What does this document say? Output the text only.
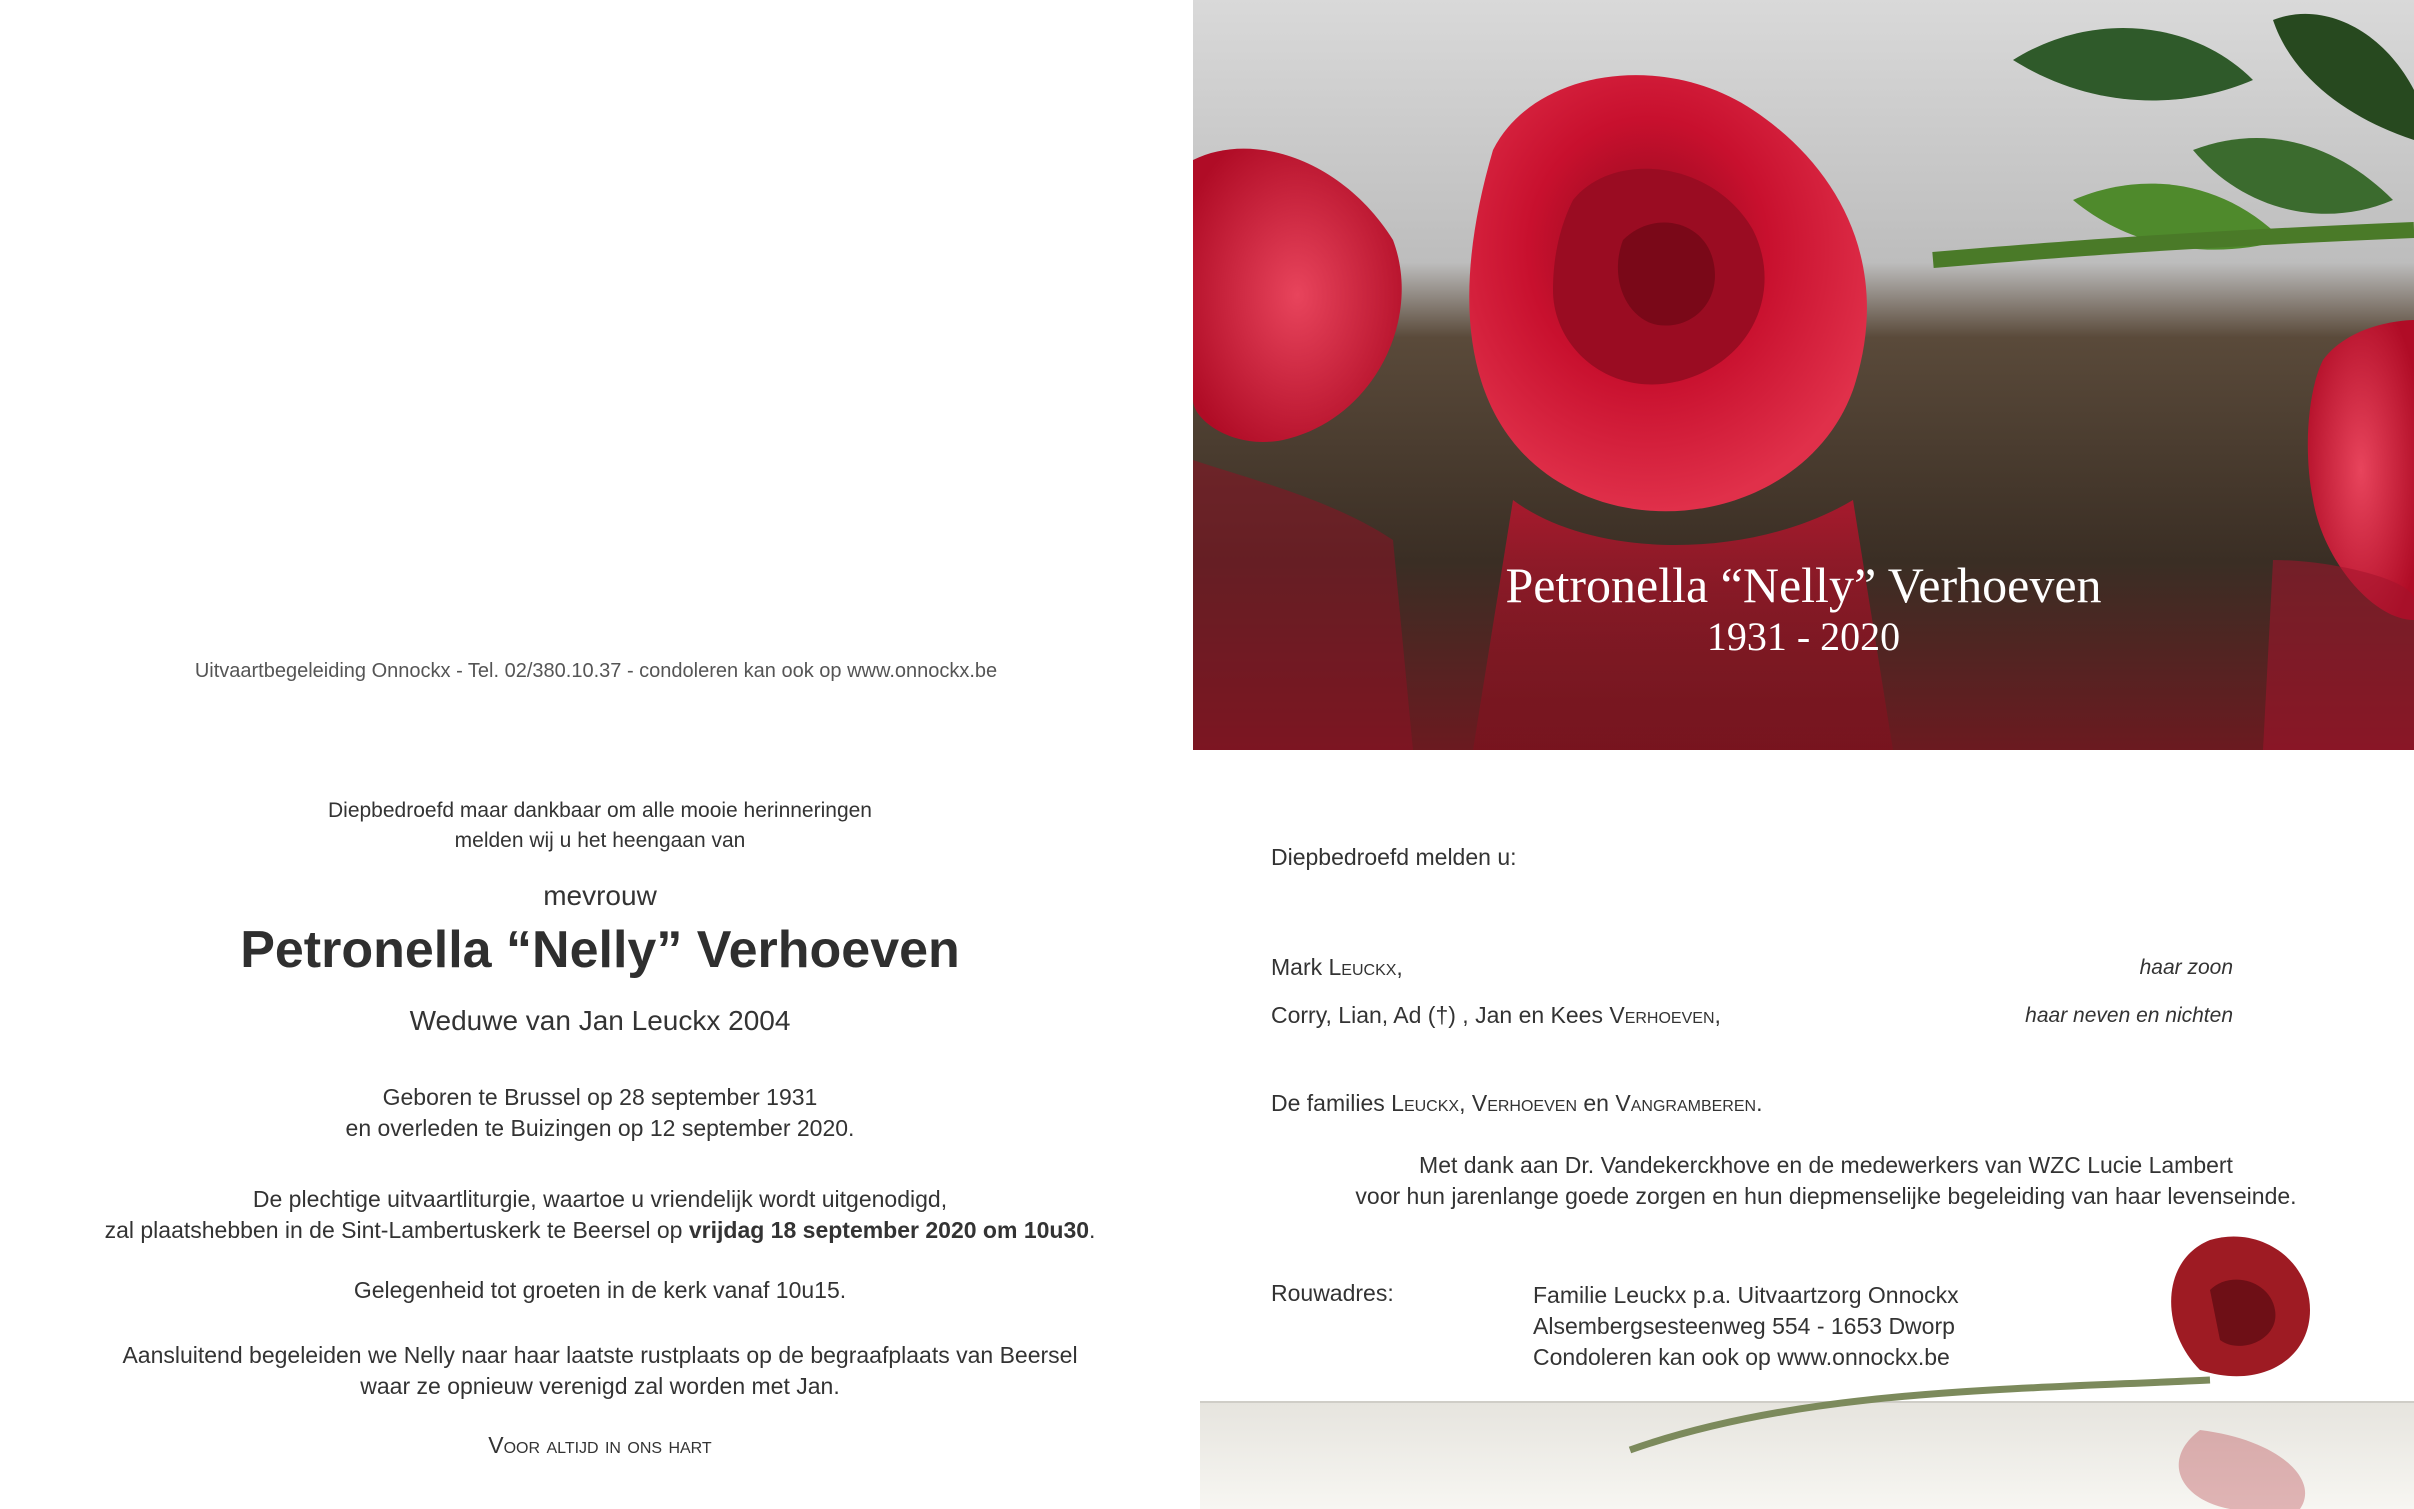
Uitvaartbegeleiding Onnockx - Tel. 02/380.10.37 - condoleren kan ook op www.onnockx.be
Diepbedroefd maar dankbaar om alle mooie herinneringen
melden wij u het heengaan van
mevrouw
Petronella “Nelly” Verhoeven
Weduwe van Jan Leuckx 2004
Geboren te Brussel op 28 september 1931
en overleden te Buizingen op 12 september 2020.
De plechtige uitvaartliturgie, waartoe u vriendelijk wordt uitgenodigd,
zal plaatshebben in de Sint-Lambertuskerk te Beersel op vrijdag 18 september 2020 om 10u30.
Gelegenheid tot groeten in de kerk vanaf 10u15.
Aansluitend begeleiden we Nelly naar haar laatste rustplaats op de begraafplaats van Beersel
waar ze opnieuw verenigd zal worden met Jan.
Voor altijd in ons hart
Petronella “Nelly” Verhoeven
1931 - 2020
Diepbedroefd melden u:
Mark Leuckx,	haar zoon
Corry, Lian, Ad (†) , Jan en Kees Verhoeven,	haar neven en nichten
De families Leuckx, Verhoeven en Vangramberen.
Met dank aan Dr. Vandekerckhove en de medewerkers van WZC Lucie Lambert
voor hun jarenlange goede zorgen en hun diepmenselijke begeleiding van haar levenseinde.
Rouwadres:	Familie Leuckx p.a. Uitvaartzorg Onnockx
Alsembergsesteenweg 554 - 1653 Dworp
Condoleren kan ook op www.onnockx.be
